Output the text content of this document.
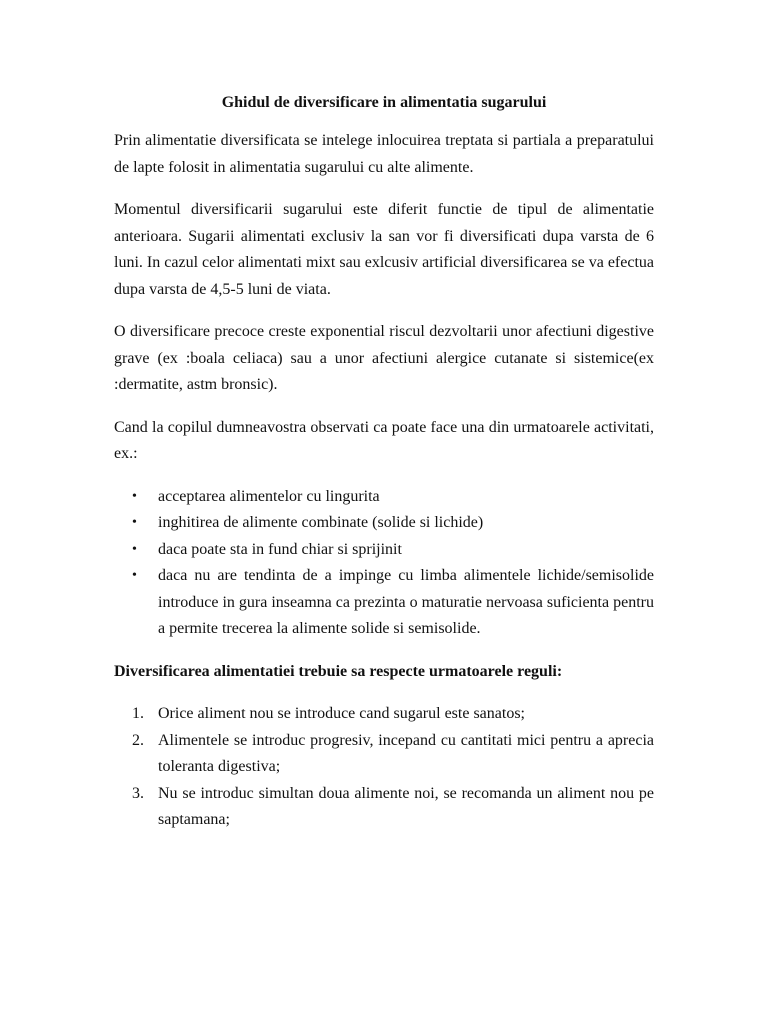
Ghidul de diversificare in alimentatia sugarului

Prin alimentatie diversificata se intelege inlocuirea treptata si partiala a preparatului de lapte folosit in alimentatia sugarului cu alte alimente.

Momentul diversificarii sugarului este diferit functie de tipul de alimentatie anterioara. Sugarii alimentati exclusiv la san vor fi diversificati dupa varsta de 6 luni. In cazul celor alimentati mixt sau exlcusiv artificial diversificarea se va efectua dupa varsta de 4,5-5 luni de viata.

O diversificare precoce creste exponential riscul dezvoltarii unor afectiuni digestive grave (ex :boala celiaca) sau a unor afectiuni alergice cutanate si sistemice(ex :dermatite, astm bronsic).

Cand la copilul dumneavostra observati ca poate face una din urmatoarele activitati, ex.:

• acceptarea alimentelor cu lingurita
• inghitirea de alimente combinate (solide si lichide)
• daca poate sta in fund chiar si sprijinit
• daca nu are tendinta de a impinge cu limba alimentele lichide/semisolide introduce in gura inseamna ca prezinta o maturatie nervoasa suficienta pentru a permite trecerea la alimente solide si semisolide.
Diversificarea alimentatiei trebuie sa respecte urmatoarele reguli:
1. Orice aliment nou se introduce cand sugarul este sanatos;
2. Alimentele se introduc progresiv, incepand cu cantitati mici pentru a aprecia toleranta digestiva;
3. Nu se introduc simultan doua alimente noi, se recomanda un aliment nou pe saptamana;
